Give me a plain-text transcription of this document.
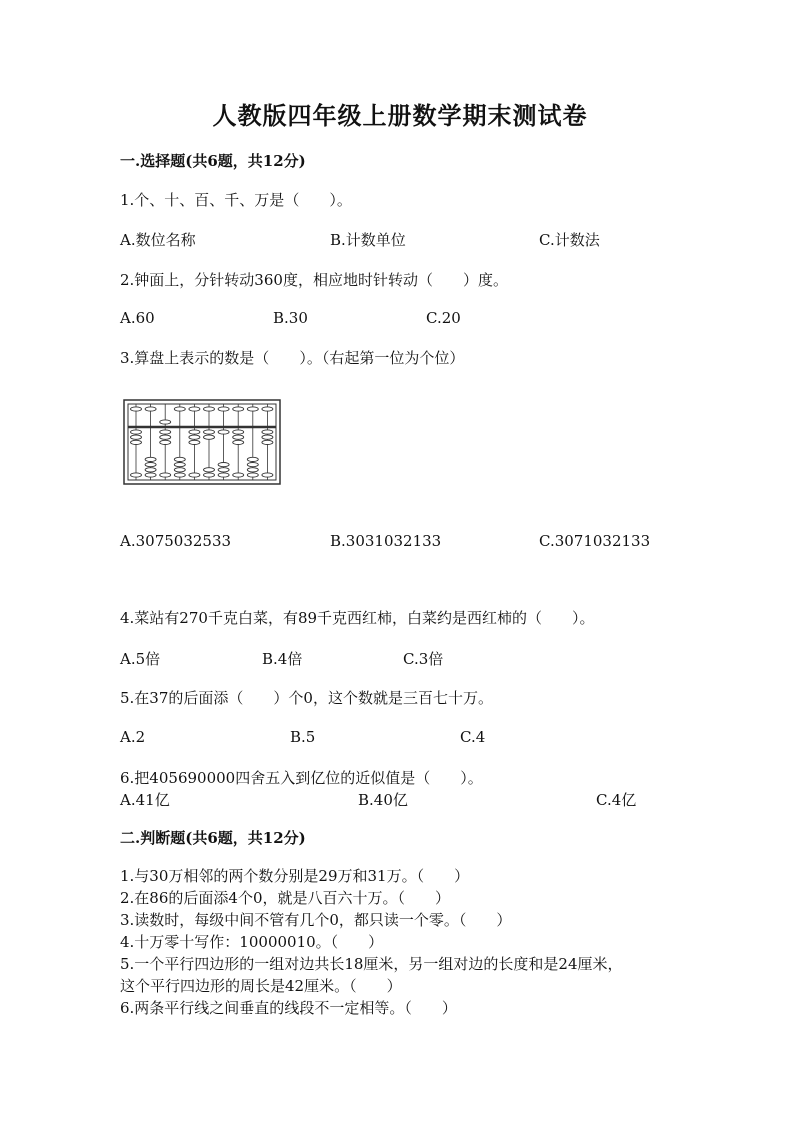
人教版四年级上册数学期末测试卷
一.选择题(共6题，共12分)
1.个、十、百、千、万是（　　）。
A.数位名称	B.计数单位	C.计数法
2.钟面上，分针转动360度，相应地时针转动（　　）度。
A.60	B.30	C.20
3.算盘上表示的数是（　　）。（右起第一位为个位）
A.3075032533	B.3031032133	C.3071032133
4.菜站有270千克白菜，有89千克西红柿，白菜约是西红柿的（　　）。
A.5倍	B.4倍	C.3倍
5.在37的后面添（　　）个0，这个数就是三百七十万。
A.2	B.5	C.4
6.把405690000四舍五入到亿位的近似值是（　　）。
A.41亿	B.40亿	C.4亿
二.判断题(共6题，共12分)
1.与30万相邻的两个数分别是29万和31万。（　　）
2.在86的后面添4个0，就是八百六十万。（　　）
3.读数时，每级中间不管有几个0，都只读一个零。（　　）
4.十万零十写作：10000010。（　　）
5.一个平行四边形的一组对边共长18厘米，另一组对边的长度和是24厘米，
这个平行四边形的周长是42厘米。（　　）
6.两条平行线之间垂直的线段不一定相等。（　　）
